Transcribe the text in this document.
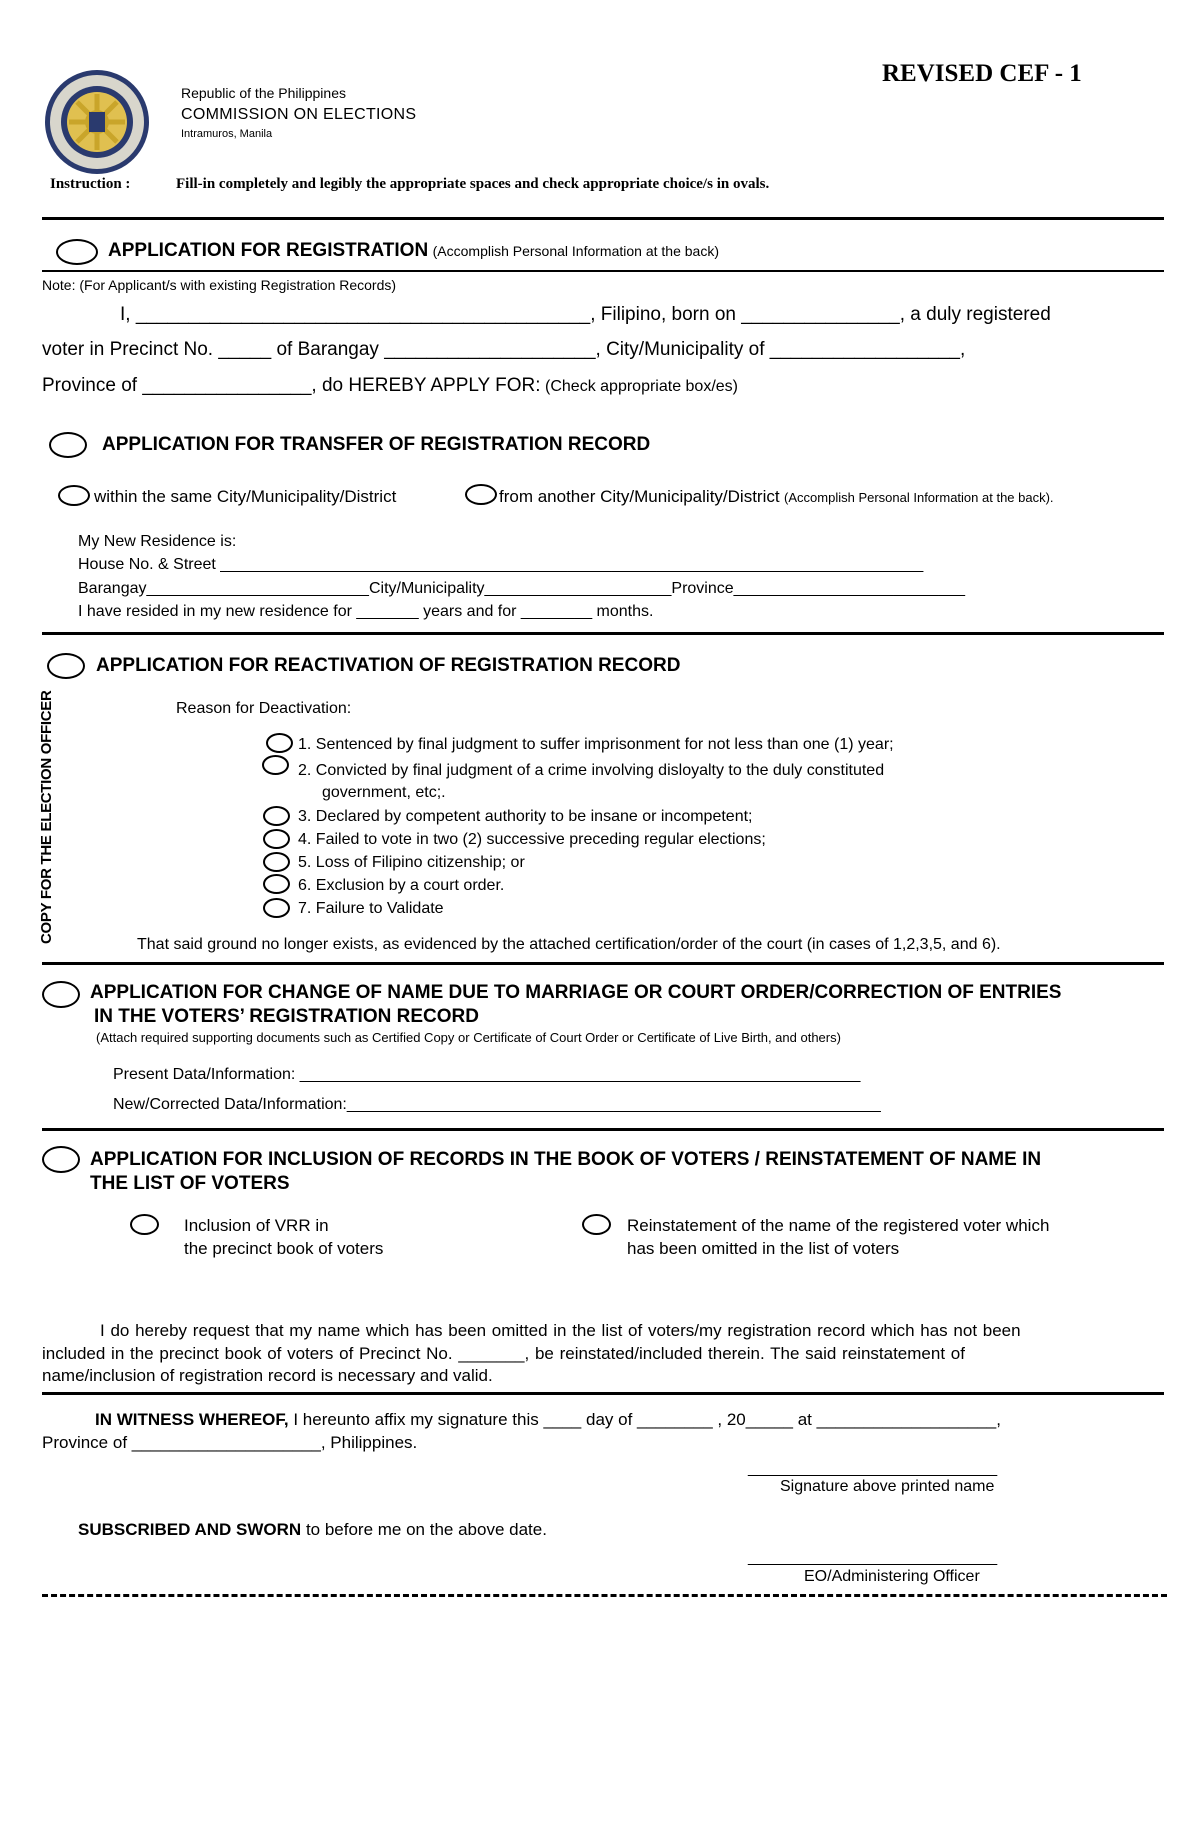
Republic of the Philippines
COMMISSION ON ELECTIONS
Intramuros, Manila
REVISED CEF - 1
Instruction :	Fill-in completely and legibly the appropriate spaces and check appropriate choice/s in ovals.
APPLICATION FOR REGISTRATION (Accomplish Personal Information at the back)
Note: (For Applicant/s with existing Registration Records)
I, ___________________________________________, Filipino, born on _______________, a duly registered
voter in Precinct No. _____ of Barangay ____________________, City/Municipality of __________________,
Province of ________________, do HEREBY APPLY FOR: (Check appropriate box/es)
APPLICATION FOR TRANSFER OF REGISTRATION RECORD
within the same City/Municipality/District	from another City/Municipality/District (Accomplish Personal Information at the back).
My New Residence is:
House No. & Street _______________________________________________________________________________
Barangay_________________________City/Municipality_____________________Province__________________________
I have resided in my new residence for _______ years and for ________ months.
APPLICATION FOR REACTIVATION OF REGISTRATION RECORD
COPY FOR THE ELECTION OFFICER	Reason for Deactivation:
1. Sentenced by final judgment to suffer imprisonment for not less than one (1) year;
2. Convicted by final judgment of a crime involving disloyalty to the duly constituted
government, etc;.
3. Declared by competent authority to be insane or incompetent;
4. Failed to vote in two (2) successive preceding regular elections;
5. Loss of Filipino citizenship; or
6. Exclusion by a court order.
7. Failure to Validate
That said ground no longer exists, as evidenced by the attached certification/order of the court (in cases of 1,2,3,5, and 6).
APPLICATION FOR CHANGE OF NAME DUE TO MARRIAGE OR COURT ORDER/CORRECTION OF ENTRIES
IN THE VOTERS’ REGISTRATION RECORD
(Attach required supporting documents such as Certified Copy or Certificate of Court Order or Certificate of Live Birth, and others)
Present Data/Information: _______________________________________________________________
New/Corrected Data/Information:____________________________________________________________
APPLICATION FOR INCLUSION OF RECORDS IN THE BOOK OF VOTERS / REINSTATEMENT OF NAME IN
THE LIST OF VOTERS
Inclusion of VRR in
the precinct book of voters
Reinstatement of the name of the registered voter which
has been omitted in the list of voters
I do hereby request that my name which has been omitted in the list of voters/my registration record which has not been
included in the precinct book of voters of Precinct No. _______, be reinstated/included therein. The said reinstatement of
name/inclusion of registration record is necessary and valid.
IN WITNESS WHEREOF, I hereunto affix my signature this ____ day of ________ , 20_____ at ___________________,
Province of ____________________, Philippines.
____________________________
Signature above printed name
SUBSCRIBED AND SWORN to before me on the above date.
____________________________
EO/Administering Officer
